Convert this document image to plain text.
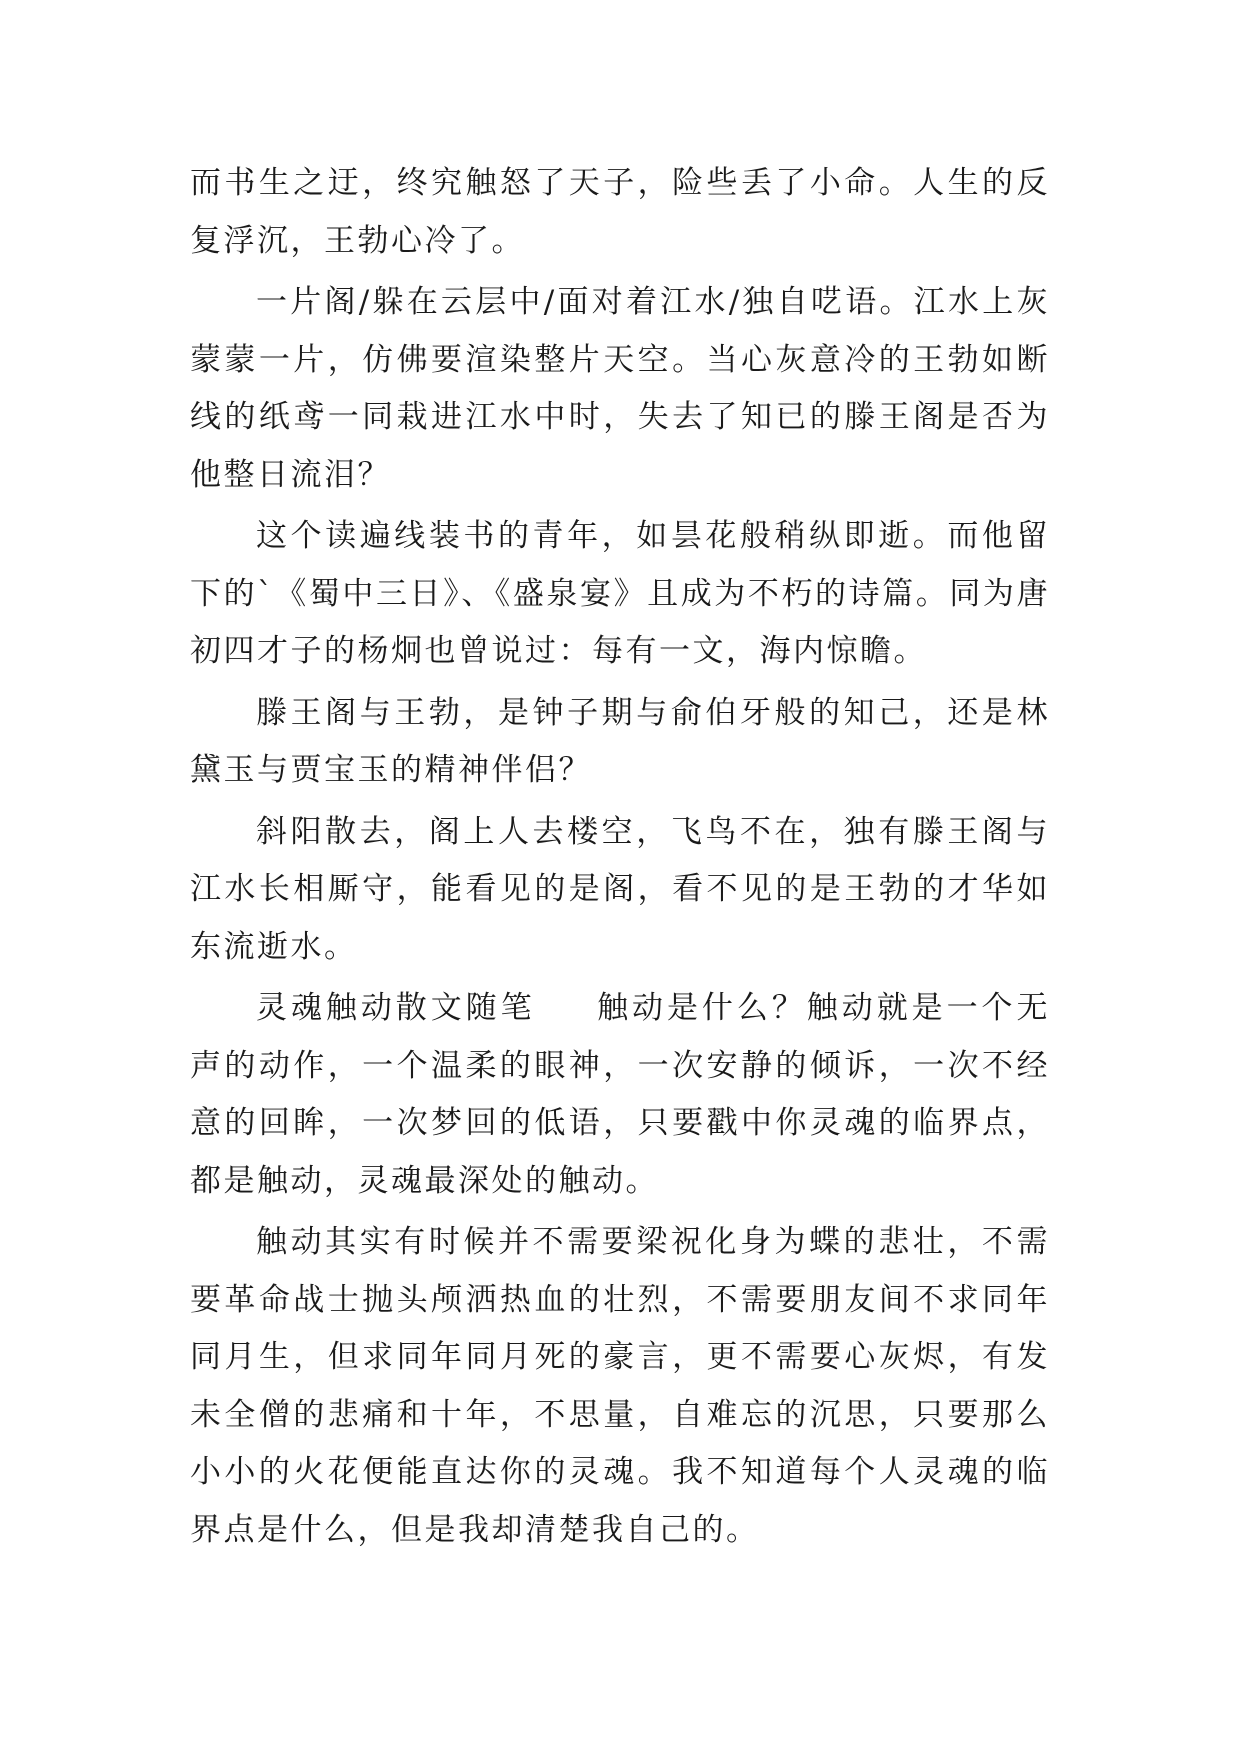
而书生之迂，终究触怒了天子，险些丢了小命。人生的反复浮沉，王勃心冷了。

一片阁/躲在云层中/面对着江水/独自呓语。江水上灰蒙蒙一片，仿佛要渲染整片天空。当心灰意冷的王勃如断线的纸鸢一同栽进江水中时，失去了知已的滕王阁是否为他整日流泪？

这个读遍线装书的青年，如昙花般稍纵即逝。而他留下的`《蜀中三日》、《盛泉宴》且成为不朽的诗篇。同为唐初四才子的杨炯也曾说过：每有一文，海内惊瞻。

滕王阁与王勃，是钟子期与俞伯牙般的知己，还是林黛玉与贾宝玉的精神伴侣？

斜阳散去，阁上人去楼空，飞鸟不在，独有滕王阁与江水长相厮守，能看见的是阁，看不见的是王勃的才华如东流逝水。

灵魂触动散文随笔 触动是什么？触动就是一个无声的动作，一个温柔的眼神，一次安静的倾诉，一次不经意的回眸，一次梦回的低语，只要戳中你灵魂的临界点，都是触动，灵魂最深处的触动。

触动其实有时候并不需要梁祝化身为蝶的悲壮，不需要革命战士抛头颅洒热血的壮烈，不需要朋友间不求同年同月生，但求同年同月死的豪言，更不需要心灰烬，有发未全僧的悲痛和十年，不思量，自难忘的沉思，只要那么小小的火花便能直达你的灵魂。我不知道每个人灵魂的临界点是什么，但是我却清楚我自己的。
